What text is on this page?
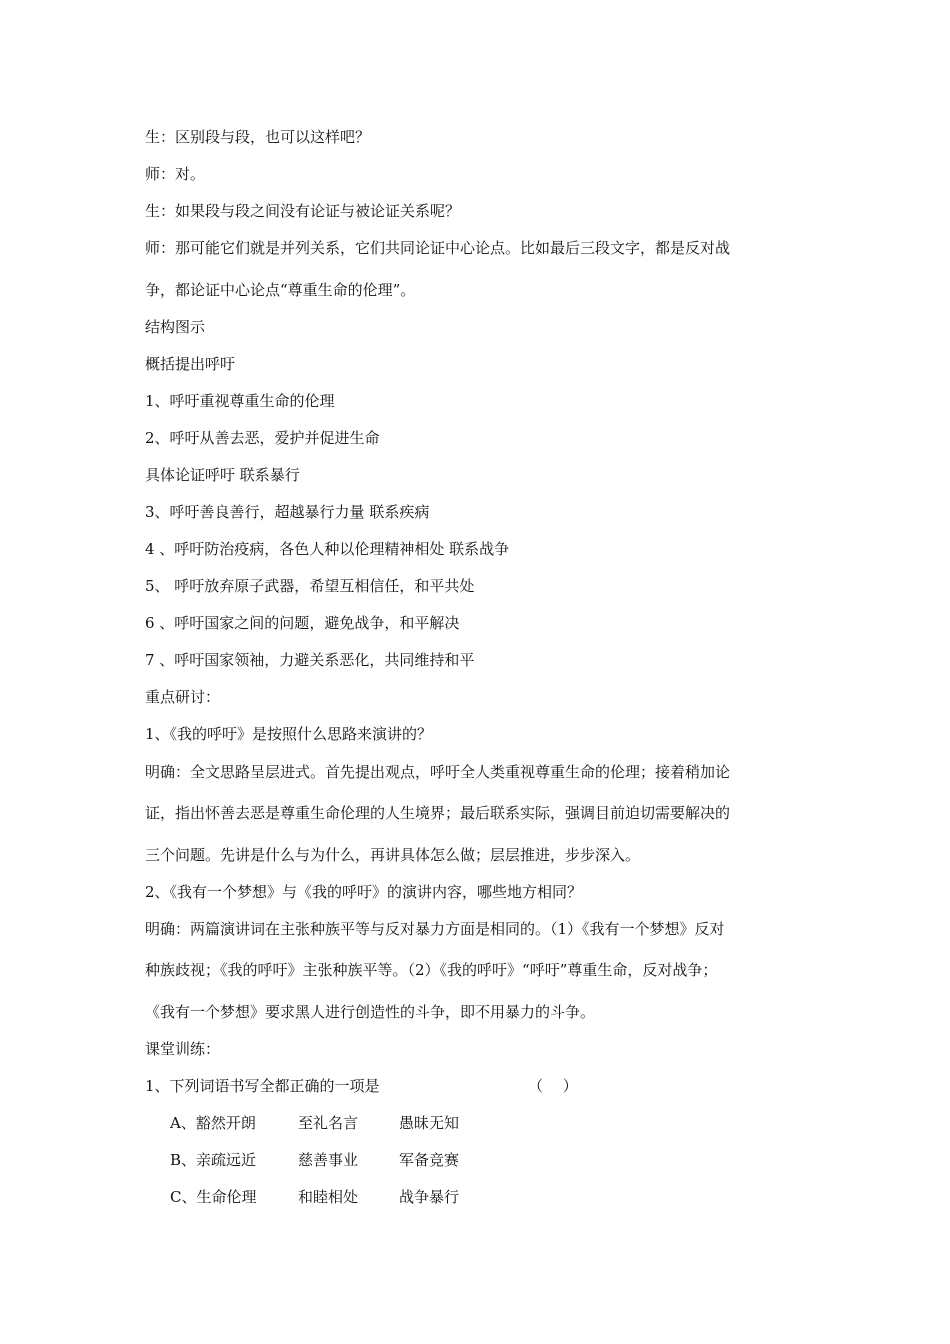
生：区别段与段，也可以这样吧？
师：对。
生：如果段与段之间没有论证与被论证关系呢？
师：那可能它们就是并列关系，它们共同论证中心论点。比如最后三段文字，都是反对战
争，都论证中心论点“尊重生命的伦理”。
结构图示
概括提出呼吁
1、呼吁重视尊重生命的伦理
2、呼吁从善去恶，爱护并促进生命
具体论证呼吁 联系暴行
3、呼吁善良善行，超越暴行力量 联系疾病
4 、呼吁防治疫病，各色人种以伦理精神相处 联系战争
5、 呼吁放弃原子武器，希望互相信任，和平共处
6 、呼吁国家之间的问题，避免战争，和平解决
7 、呼吁国家领袖，力避关系恶化，共同维持和平
重点研讨：
1、《我的呼吁》是按照什么思路来演讲的？
明确：全文思路呈层进式。首先提出观点，呼吁全人类重视尊重生命的伦理；接着稍加论
证，指出怀善去恶是尊重生命伦理的人生境界；最后联系实际，强调目前迫切需要解决的
三个问题。先讲是什么与为什么，再讲具体怎么做；层层推进，步步深入。
2、《我有一个梦想》与《我的呼吁》的演讲内容，哪些地方相同？
明确：两篇演讲词在主张种族平等与反对暴力方面是相同的。（1）《我有一个梦想》反对
种族歧视；《我的呼吁》主张种族平等。（2）《我的呼吁》“呼吁”尊重生命，反对战争；
《我有一个梦想》要求黑人进行创造性的斗争，即不用暴力的斗争。
课堂训练：
1、下列词语书写全都正确的一项是	（　 ）
A、豁然开朗	至礼名言	愚昧无知
B、亲疏远近	慈善事业	军备竞赛
C、生命伦理	和睦相处	战争暴行
